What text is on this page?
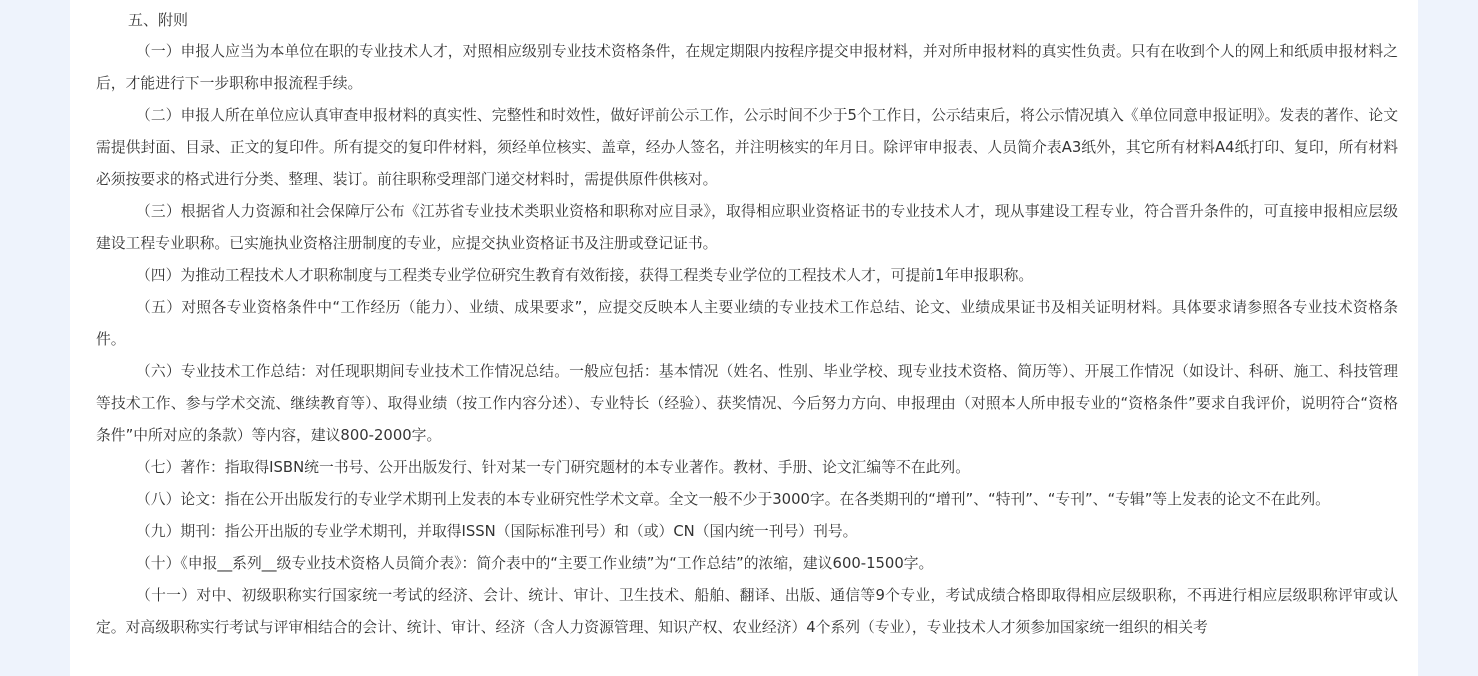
五、附则

（一）申报人应当为本单位在职的专业技术人才，对照相应级别专业技术资格条件，在规定期限内按程序提交申报材料，并对所申报材料的真实性负责。只有在收到个人的网上和纸质申报材料之后，才能进行下一步职称申报流程手续。

（二）申报人所在单位应认真审查申报材料的真实性、完整性和时效性，做好评前公示工作，公示时间不少于5个工作日，公示结束后，将公示情况填入《单位同意申报证明》。发表的著作、论文需提供封面、目录、正文的复印件。所有提交的复印件材料，须经单位核实、盖章，经办人签名，并注明核实的年月日。除评审申报表、人员简介表A3纸外，其它所有材料A4纸打印、复印，所有材料必须按要求的格式进行分类、整理、装订。前往职称受理部门递交材料时，需提供原件供核对。

（三）根据省人力资源和社会保障厅公布《江苏省专业技术类职业资格和职称对应目录》，取得相应职业资格证书的专业技术人才，现从事建设工程专业，符合晋升条件的，可直接申报相应层级建设工程专业职称。已实施执业资格注册制度的专业，应提交执业资格证书及注册或登记证书。

（四）为推动工程技术人才职称制度与工程类专业学位研究生教育有效衔接，获得工程类专业学位的工程技术人才，可提前1年申报职称。

（五）对照各专业资格条件中“工作经历（能力）、业绩、成果要求”，应提交反映本人主要业绩的专业技术工作总结、论文、业绩成果证书及相关证明材料。具体要求请参照各专业技术资格条件。

（六）专业技术工作总结：对任现职期间专业技术工作情况总结。一般应包括：基本情况（姓名、性别、毕业学校、现专业技术资格、简历等）、开展工作情况（如设计、科研、施工、科技管理等技术工作、参与学术交流、继续教育等）、取得业绩（按工作内容分述）、专业特长（经验）、获奖情况、今后努力方向、申报理由（对照本人所申报专业的“资格条件”要求自我评价，说明符合“资格条件”中所对应的条款）等内容，建议800-2000字。

（七）著作：指取得ISBN统一书号、公开出版发行、针对某一专门研究题材的本专业著作。教材、手册、论文汇编等不在此列。

（八）论文：指在公开出版发行的专业学术期刊上发表的本专业研究性学术文章。全文一般不少于3000字。在各类期刊的“增刊”、“特刊”、“专刊”、“专辑”等上发表的论文不在此列。

（九）期刊：指公开出版的专业学术期刊，并取得ISSN（国际标准刊号）和（或）CN（国内统一刊号）刊号。

（十）《申报__系列__级专业技术资格人员简介表》：简介表中的“主要工作业绩”为“工作总结”的浓缩，建议600-1500字。

（十一）对中、初级职称实行国家统一考试的经济、会计、统计、审计、卫生技术、船舶、翻译、出版、通信等9个专业，考试成绩合格即取得相应层级职称，不再进行相应层级职称评审或认定。对高级职称实行考试与评审相结合的会计、统计、审计、经济（含人力资源管理、知识产权、农业经济）4个系列（专业），专业技术人才须参加国家统一组织的相关考
